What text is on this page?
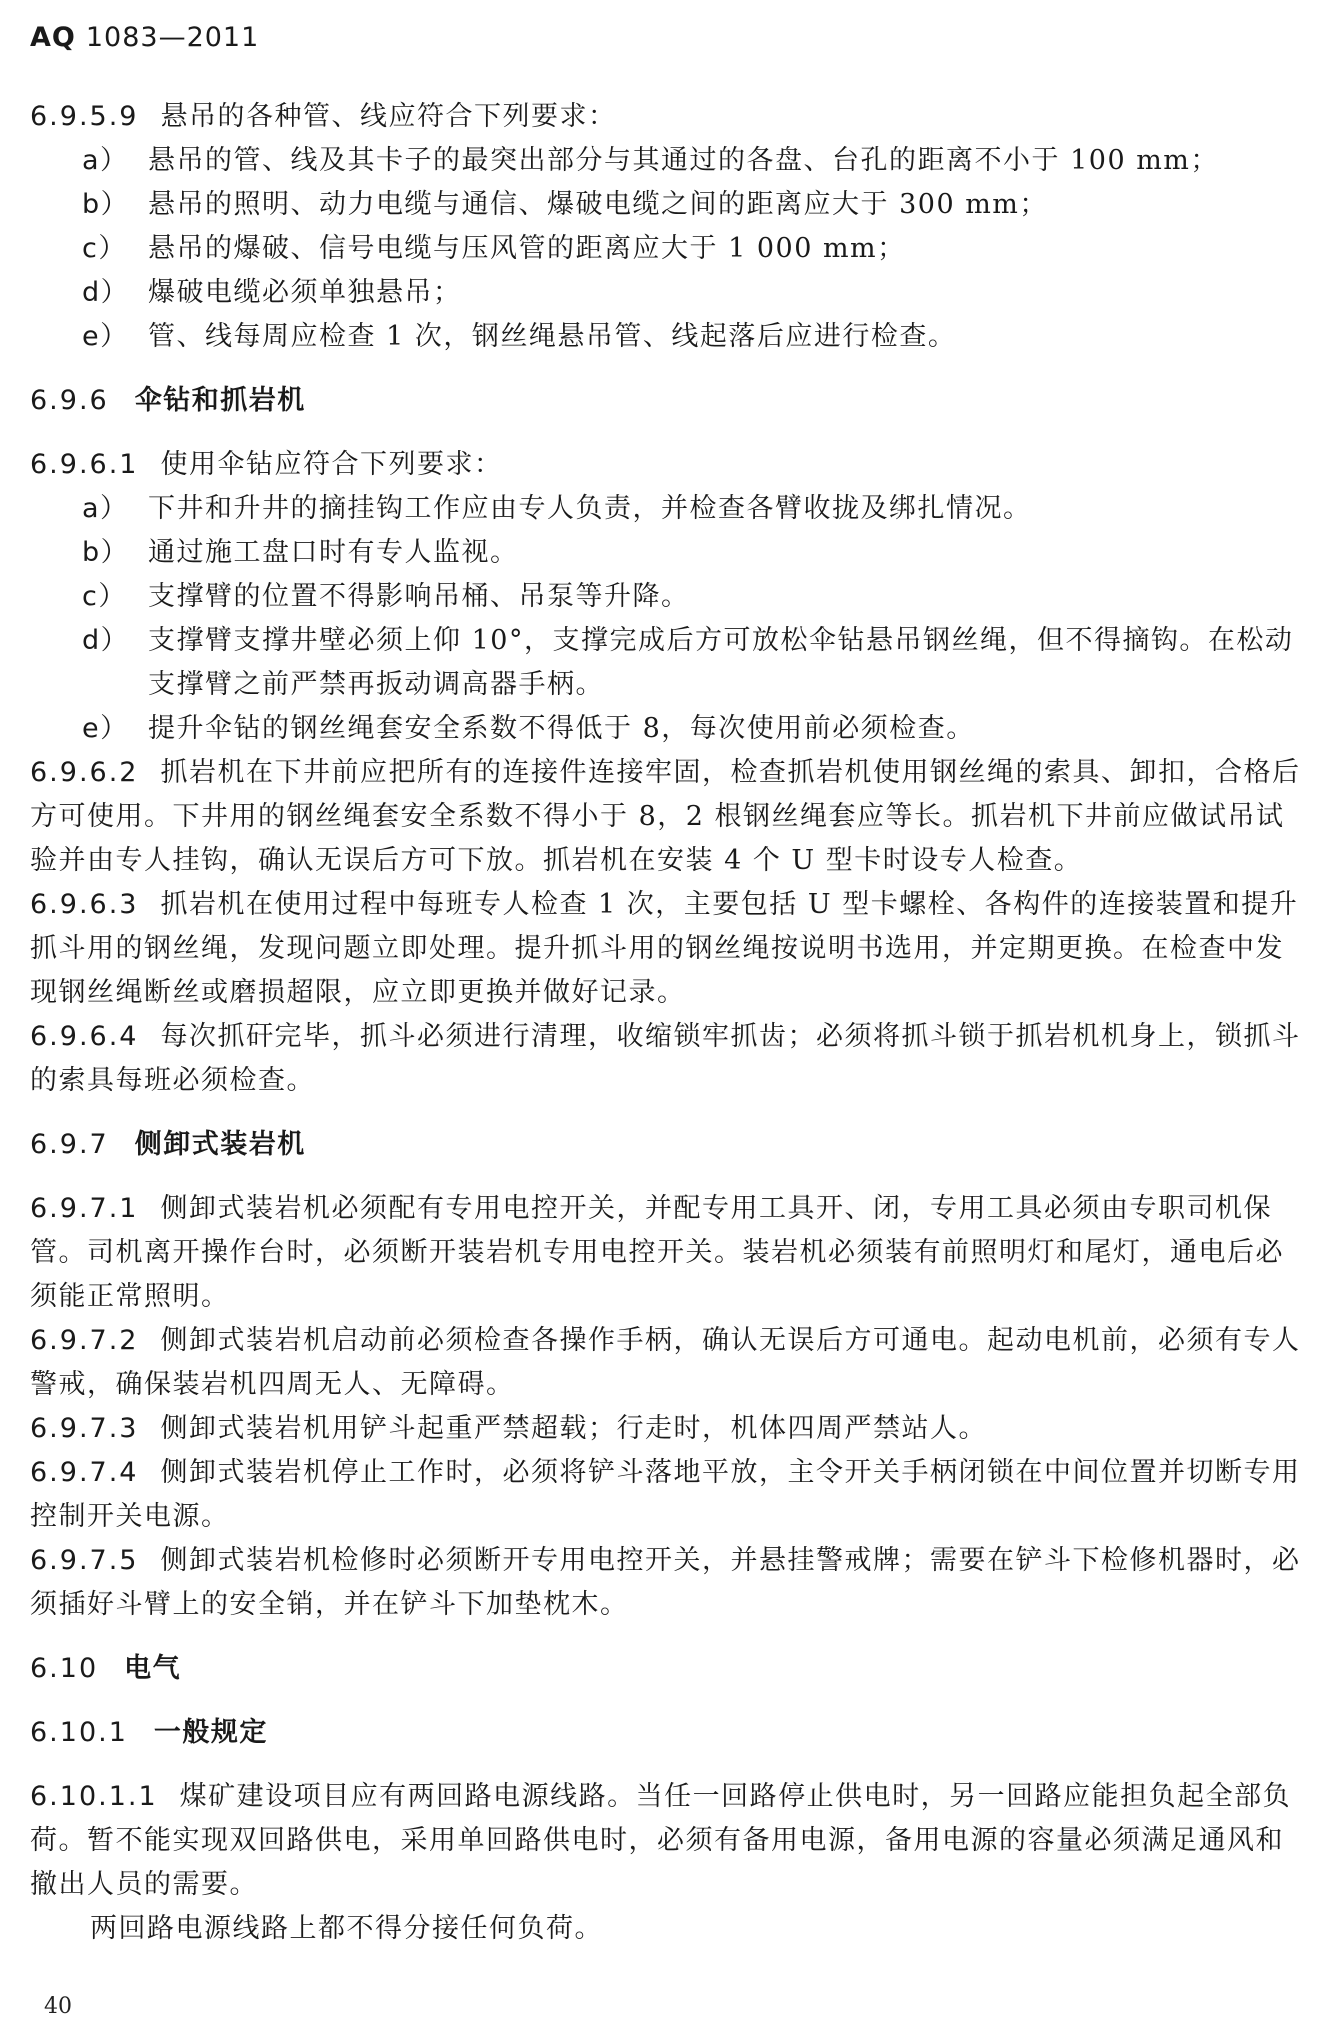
AQ 1083—2011

6.9.5.9 悬吊的各种管、线应符合下列要求：

a） 悬吊的管、线及其卡子的最突出部分与其通过的各盘、台孔的距离不小于 100 mm；

b） 悬吊的照明、动力电缆与通信、爆破电缆之间的距离应大于 300 mm；

c） 悬吊的爆破、信号电缆与压风管的距离应大于 1 000 mm；

d） 爆破电缆必须单独悬吊；

e） 管、线每周应检查 1 次，钢丝绳悬吊管、线起落后应进行检查。

6.9.6 伞钻和抓岩机

6.9.6.1 使用伞钻应符合下列要求：

a） 下井和升井的摘挂钩工作应由专人负责，并检查各臂收拢及绑扎情况。

b） 通过施工盘口时有专人监视。

c） 支撑臂的位置不得影响吊桶、吊泵等升降。

d） 支撑臂支撑井壁必须上仰 10°，支撑完成后方可放松伞钻悬吊钢丝绳，但不得摘钩。在松动支撑臂之前严禁再扳动调高器手柄。

e） 提升伞钻的钢丝绳套安全系数不得低于 8，每次使用前必须检查。

6.9.6.2 抓岩机在下井前应把所有的连接件连接牢固，检查抓岩机使用钢丝绳的索具、卸扣，合格后方可使用。下井用的钢丝绳套安全系数不得小于 8，2 根钢丝绳套应等长。抓岩机下井前应做试吊试验并由专人挂钩，确认无误后方可下放。抓岩机在安装 4 个 U 型卡时设专人检查。

6.9.6.3 抓岩机在使用过程中每班专人检查 1 次，主要包括 U 型卡螺栓、各构件的连接装置和提升抓斗用的钢丝绳，发现问题立即处理。提升抓斗用的钢丝绳按说明书选用，并定期更换。在检查中发现钢丝绳断丝或磨损超限，应立即更换并做好记录。

6.9.6.4 每次抓矸完毕，抓斗必须进行清理，收缩锁牢抓齿；必须将抓斗锁于抓岩机机身上，锁抓斗的索具每班必须检查。

6.9.7 侧卸式装岩机

6.9.7.1 侧卸式装岩机必须配有专用电控开关，并配专用工具开、闭，专用工具必须由专职司机保管。司机离开操作台时，必须断开装岩机专用电控开关。装岩机必须装有前照明灯和尾灯，通电后必须能正常照明。

6.9.7.2 侧卸式装岩机启动前必须检查各操作手柄，确认无误后方可通电。起动电机前，必须有专人警戒，确保装岩机四周无人、无障碍。

6.9.7.3 侧卸式装岩机用铲斗起重严禁超载；行走时，机体四周严禁站人。

6.9.7.4 侧卸式装岩机停止工作时，必须将铲斗落地平放，主令开关手柄闭锁在中间位置并切断专用控制开关电源。

6.9.7.5 侧卸式装岩机检修时必须断开专用电控开关，并悬挂警戒牌；需要在铲斗下检修机器时，必须插好斗臂上的安全销，并在铲斗下加垫枕木。

6.10 电气

6.10.1 一般规定

6.10.1.1 煤矿建设项目应有两回路电源线路。当任一回路停止供电时，另一回路应能担负起全部负荷。暂不能实现双回路供电，采用单回路供电时，必须有备用电源，备用电源的容量必须满足通风和撤出人员的需要。

两回路电源线路上都不得分接任何负荷。

40
